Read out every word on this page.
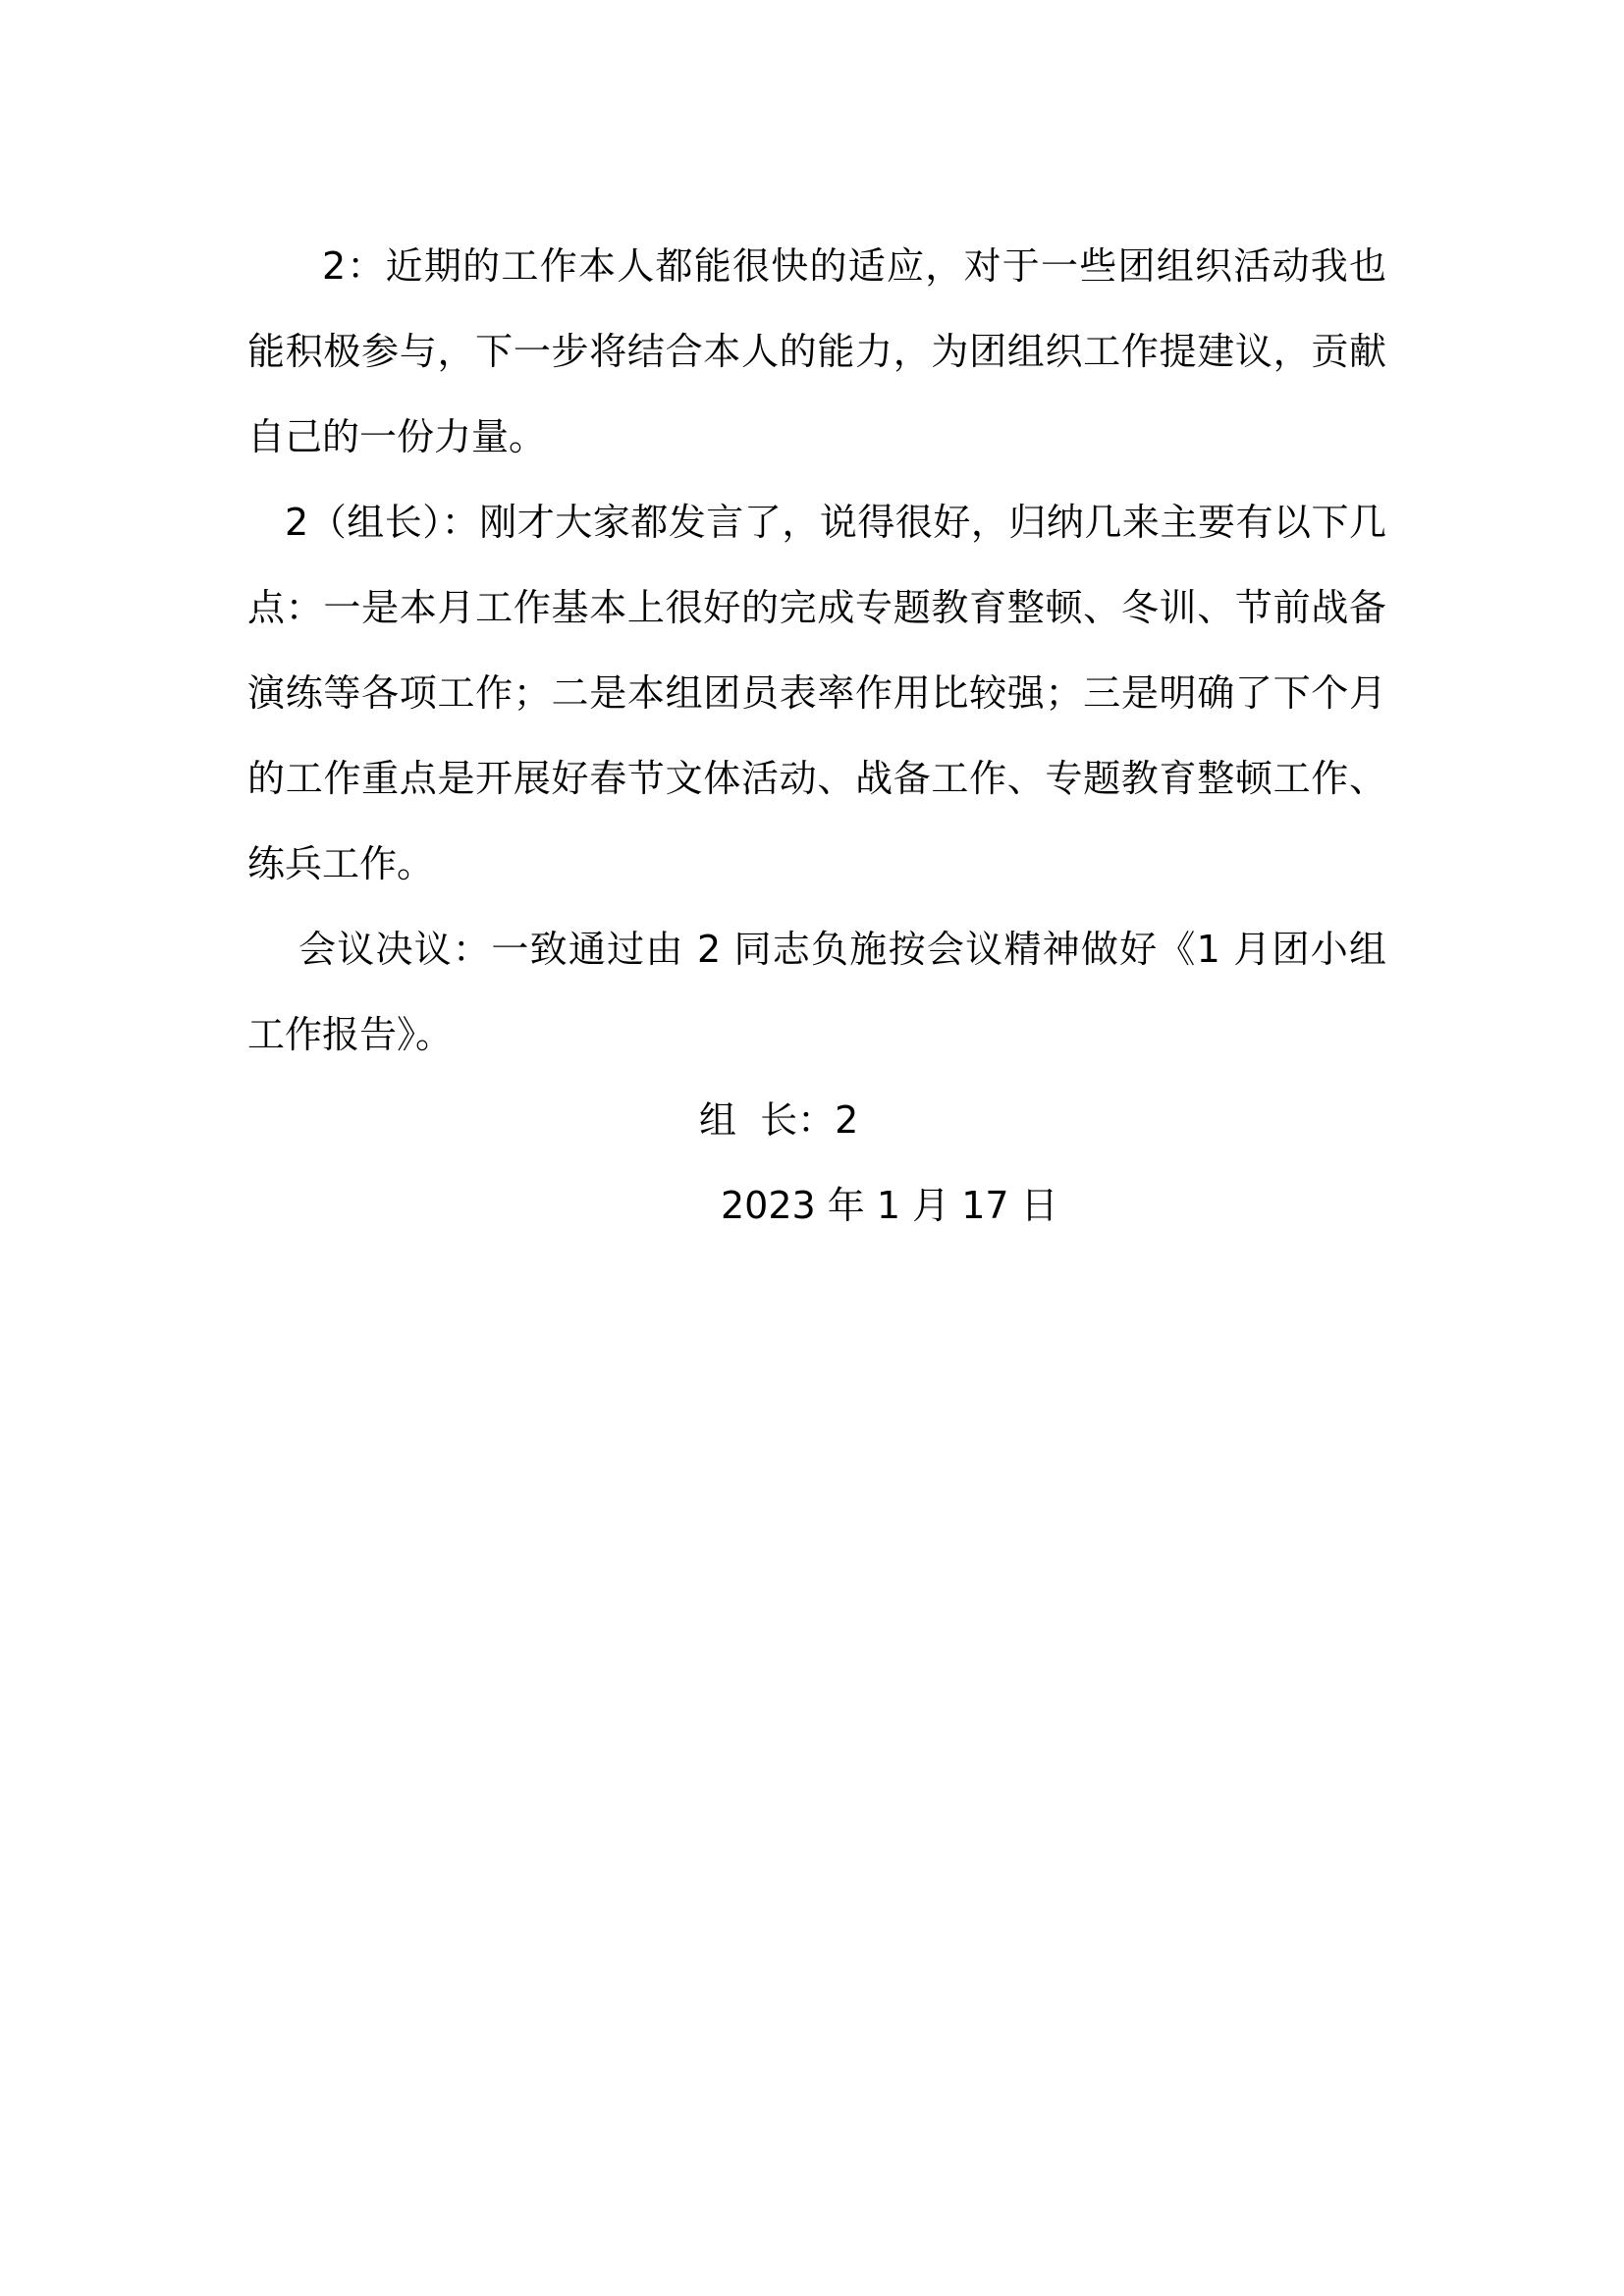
2：近期的工作本人都能很快的适应，对于一些团组织活动我也能积极参与，下一步将结合本人的能力，为团组织工作提建议，贡献自己的一份力量。

2（组长）：刚才大家都发言了，说得很好，归纳几来主要有以下几点：一是本月工作基本上很好的完成专题教育整顿、冬训、节前战备演练等各项工作；二是本组团员表率作用比较强；三是明确了下个月的工作重点是开展好春节文体活动、战备工作、专题教育整顿工作、练兵工作。

会议决议：一致通过由 2 同志负施按会议精神做好《1 月团小组工作报告》。

组  长：2
2023 年 1 月 17 日
